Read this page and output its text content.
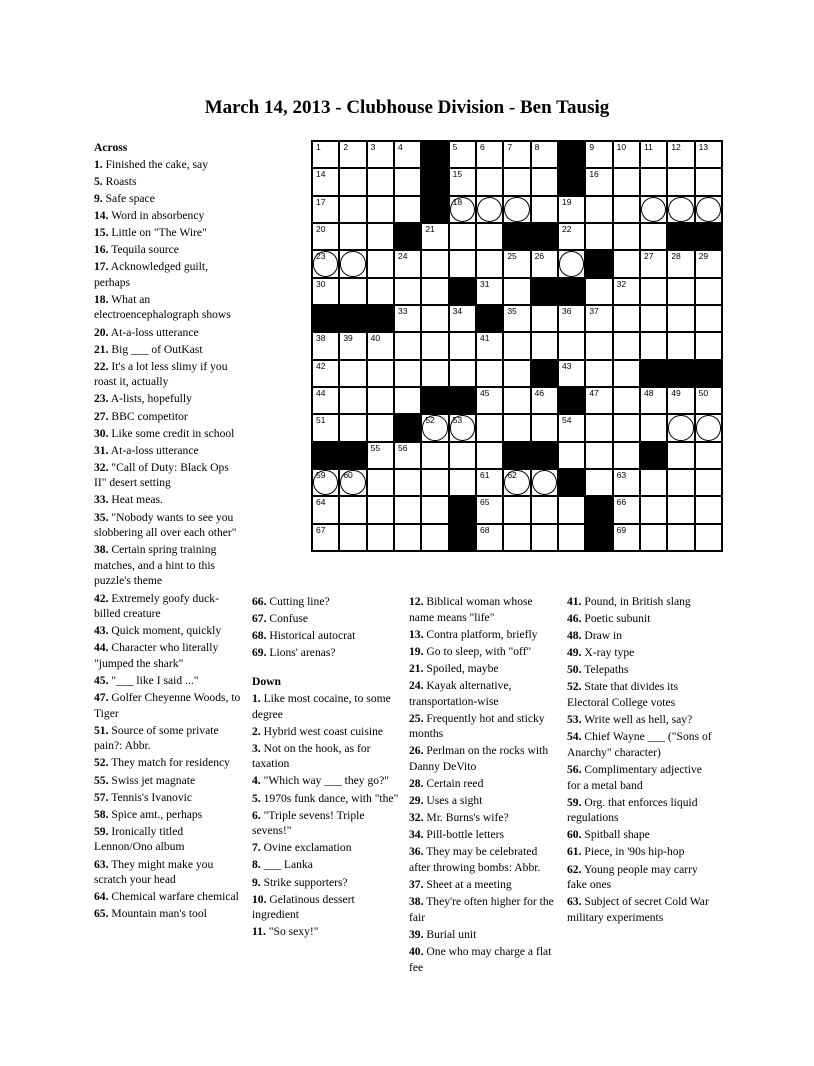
March 14, 2013 - Clubhouse Division - Ben Tausig
1	2	3	4	5	6	7	8	9	10 11 12 13
14	15	16
17	18	19
20	21	22
23	24	25 26	27 28 29
30	31	32
33	34	35	36 37
38 39 40	41
42	43
44	45	46	47	48 49 50
51	52 53	54
55 56
59 60	61 62	63
64	65	66
67	68	69
Across
1. Finished the cake, say
5. Roasts
9. Safe space
14. Word in absorbency
15. Little on "The Wire"
16. Tequila source
17. Acknowledged guilt, perhaps
18. What an electroencephalograph shows
20. At-a-loss utterance
21. Big ___ of OutKast
22. It's a lot less slimy if you roast it, actually
23. A-lists, hopefully
27. BBC competitor
30. Like some credit in school
31. At-a-loss utterance
32. "Call of Duty: Black Ops II" desert setting
33. Heat meas.
35. "Nobody wants to see you slobbering all over each other"
38. Certain spring training matches, and a hint to this puzzle's theme
42. Extremely goofy duck-billed creature
43. Quick moment, quickly
44. Character who literally "jumped the shark"
45. "___ like I said ..."
47. Golfer Cheyenne Woods, to Tiger
51. Source of some private pain?: Abbr.
52. They match for residency
55. Swiss jet magnate
57. Tennis's Ivanovic
58. Spice amt., perhaps
59. Ironically titled Lennon/Ono album
63. They might make you scratch your head
64. Chemical warfare chemical
65. Mountain man's tool
66. Cutting line?
67. Confuse
68. Historical autocrat
69. Lions' arenas?
Down
1. Like most cocaine, to some degree
2. Hybrid west coast cuisine
3. Not on the hook, as for taxation
4. "Which way ___ they go?"
5. 1970s funk dance, with "the"
6. "Triple sevens! Triple sevens!"
7. Ovine exclamation
8. ___ Lanka
9. Strike supporters?
10. Gelatinous dessert ingredient
11. "So sexy!"
12. Biblical woman whose name means "life"
13. Contra platform, briefly
19. Go to sleep, with "off"
21. Spoiled, maybe
24. Kayak alternative, transportation-wise
25. Frequently hot and sticky months
26. Perlman on the rocks with Danny DeVito
28. Certain reed
29. Uses a sight
32. Mr. Burns's wife?
34. Pill-bottle letters
36. They may be celebrated after throwing bombs: Abbr.
37. Sheet at a meeting
38. They're often higher for the fair
39. Burial unit
40. One who may charge a flat fee
41. Pound, in British slang
46. Poetic subunit
48. Draw in
49. X-ray type
50. Telepaths
52. State that divides its Electoral College votes
53. Write well as hell, say?
54. Chief Wayne ___ ("Sons of Anarchy" character)
56. Complimentary adjective for a metal band
59. Org. that enforces liquid regulations
60. Spitball shape
61. Piece, in '90s hip-hop
62. Young people may carry fake ones
63. Subject of secret Cold War military experiments
